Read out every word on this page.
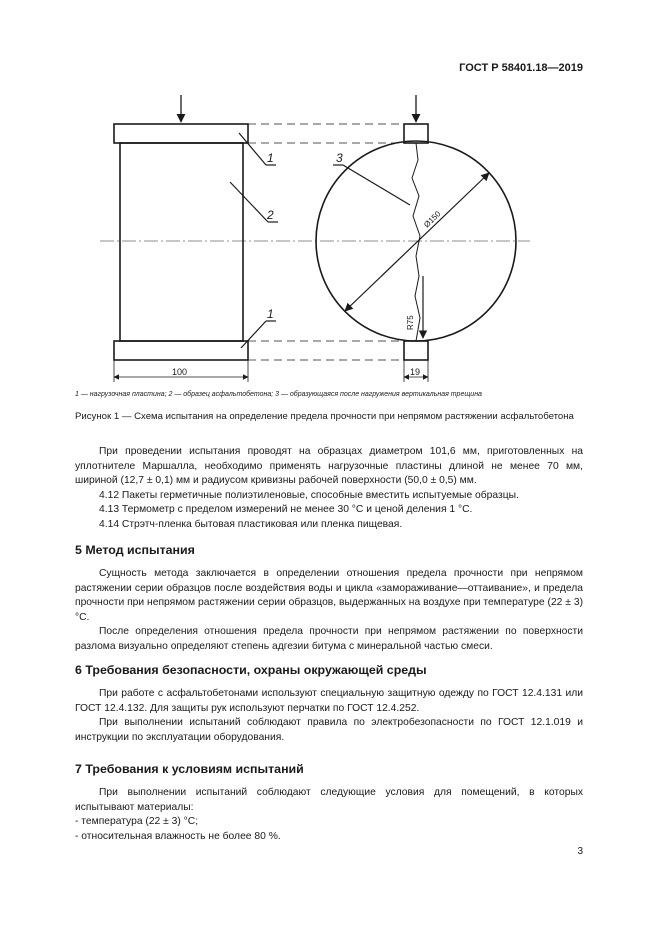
ГОСТ Р 58401.18—2019
1
2
1
3
100	19
Ø150
R75
1 — нагрузочная пластина; 2 — образец асфальтобетона; 3 — образующаяся после нагружения вертикальная трещина
Рисунок 1 — Схема испытания на определение предела прочности при непрямом растяжении асфальтобетона

При проведении испытания проводят на образцах диаметром 101,6 мм, приготовленных на уплотнителе Маршалла, необходимо применять нагрузочные пластины длиной не менее 70 мм, шириной (12,7 ± 0,1) мм и радиусом кривизны рабочей поверхности (50,0 ± 0,5) мм.

4.12 Пакеты герметичные полиэтиленовые, способные вместить испытуемые образцы.

4.13 Термометр с пределом измерений не менее 30 °С и ценой деления 1 °С.

4.14 Стрэтч-пленка бытовая пластиковая или пленка пищевая.

5 Метод испытания

Сущность метода заключается в определении отношения предела прочности при непрямом растяжении серии образцов после воздействия воды и цикла «замораживание—оттаивание», и предела прочности при непрямом растяжении серии образцов, выдержанных на воздухе при температуре (22 ± 3) °С.

После определения отношения предела прочности при непрямом растяжении по поверхности разлома визуально определяют степень адгезии битума с минеральной частью смеси.

6 Требования безопасности, охраны окружающей среды

При работе с асфальтобетонами используют специальную защитную одежду по ГОСТ 12.4.131 или ГОСТ 12.4.132. Для защиты рук используют перчатки по ГОСТ 12.4.252.

При выполнении испытаний соблюдают правила по электробезопасности по ГОСТ 12.1.019 и инструкции по эксплуатации оборудования.

7 Требования к условиям испытаний

При выполнении испытаний соблюдают следующие условия для помещений, в которых испытывают материалы:

- температура (22 ± 3) °С;

- относительная влажность не более 80 %.

3
